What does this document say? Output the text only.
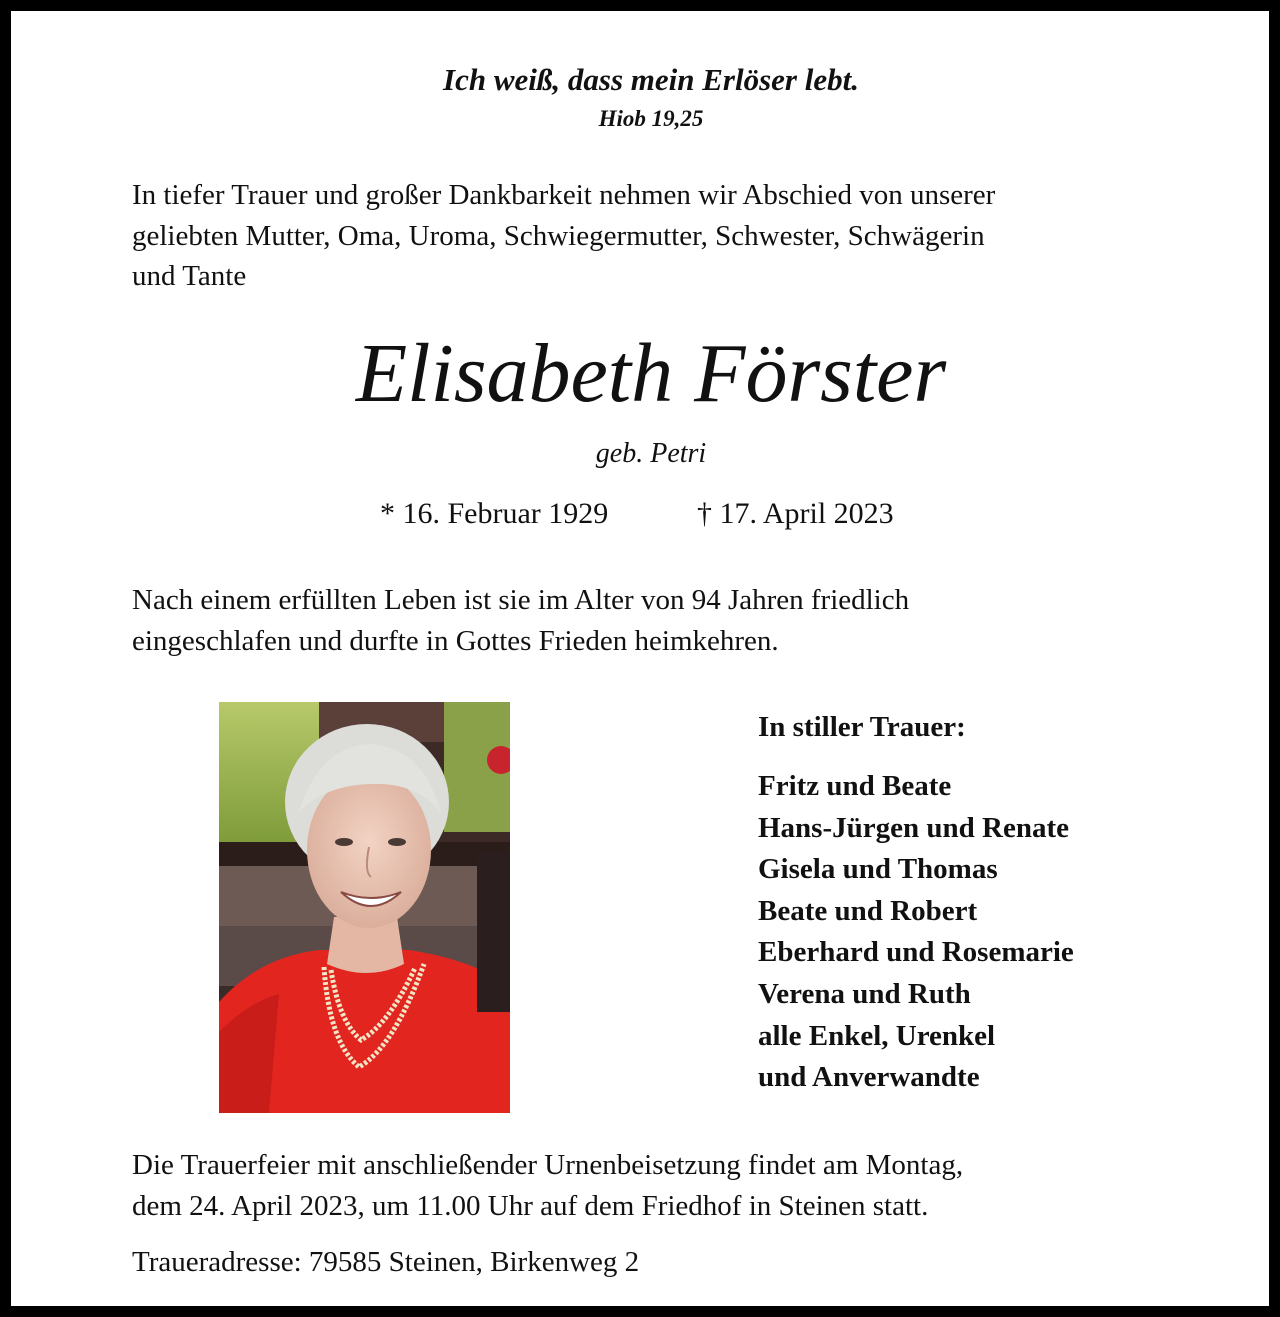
Ich weiß, dass mein Erlöser lebt.
Hiob 19,25
In tiefer Trauer und großer Dankbarkeit nehmen wir Abschied von unserer
geliebten Mutter, Oma, Uroma, Schwiegermutter, Schwester, Schwägerin
und Tante
Elisabeth Förster
geb. Petri
* 16. Februar 1929	† 17. April 2023
Nach einem erfüllten Leben ist sie im Alter von 94 Jahren friedlich
eingeschlafen und durfte in Gottes Frieden heimkehren.
In stiller Trauer:
Fritz und Beate
Hans-Jürgen und Renate
Gisela und Thomas
Beate und Robert
Eberhard und Rosemarie
Verena und Ruth
alle Enkel, Urenkel
und Anverwandte
Die Trauerfeier mit anschließender Urnenbeisetzung findet am Montag,
dem 24. April 2023, um 11.00 Uhr auf dem Friedhof in Steinen statt.
Traueradresse: 79585 Steinen, Birkenweg 2
